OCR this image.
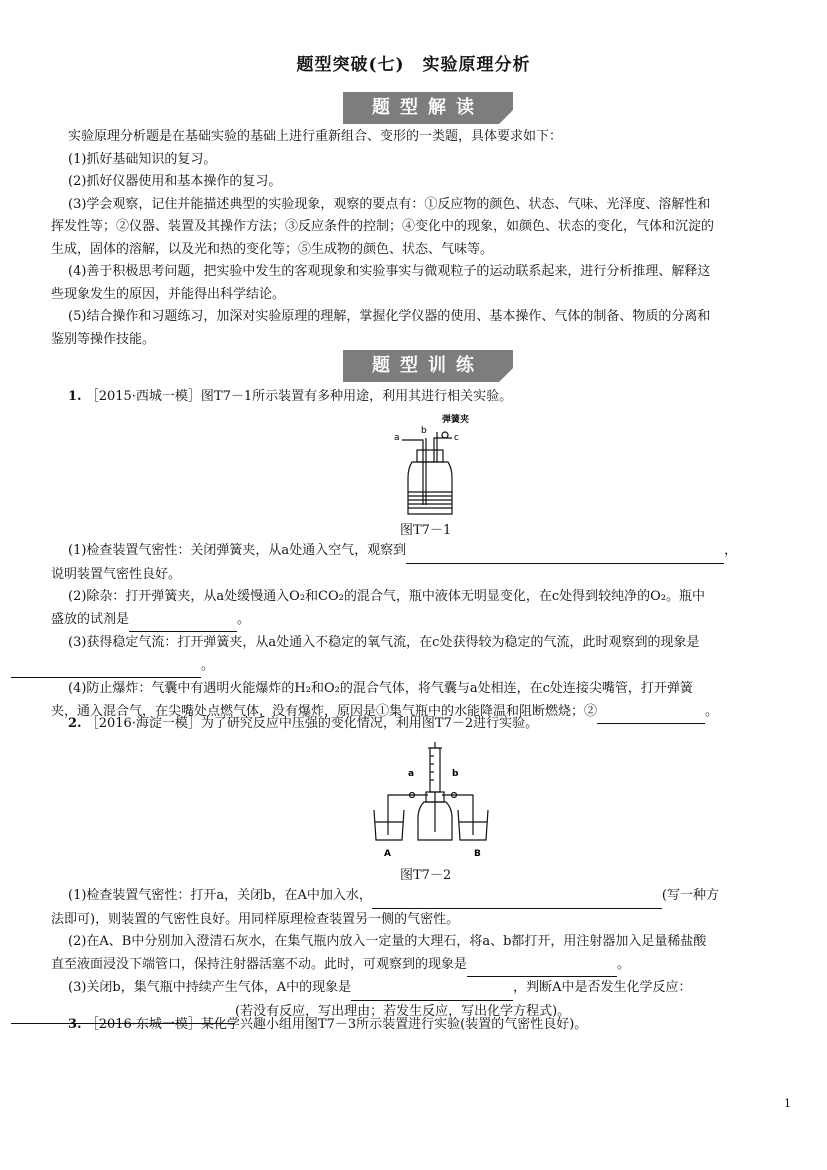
题型突破(七)　实验原理分析
题型解读
实验原理分析题是在基础实验的基础上进行重新组合、变形的一类题，具体要求如下：
(1)抓好基础知识的复习。
(2)抓好仪器使用和基本操作的复习。
(3)学会观察，记住并能描述典型的实验现象，观察的要点有：①反应物的颜色、状态、气味、光泽度、溶解性和
挥发性等；②仪器、装置及其操作方法；③反应条件的控制；④变化中的现象，如颜色、状态的变化，气体和沉淀的
生成，固体的溶解，以及光和热的变化等；⑤生成物的颜色、状态、气味等。
(4)善于积极思考问题，把实验中发生的客观现象和实验事实与微观粒子的运动联系起来，进行分析推理、解释这
些现象发生的原因，并能得出科学结论。
(5)结合操作和习题练习，加深对实验原理的理解，掌握化学仪器的使用、基本操作、气体的制备、物质的分离和
鉴别等操作技能。
题型训练
1. ［2015·西城一模］图T7－1所示装置有多种用途，利用其进行相关实验。
a
b
c
弹簧夹
图T7－1
(1)检查装置气密性：关闭弹簧夹，从a处通入空气，观察到	，
说明装置气密性良好。
(2)除杂：打开弹簧夹，从a处缓慢通入O₂和CO₂的混合气，瓶中液体无明显变化，在c处得到较纯净的O₂。瓶中
盛放的试剂是	。
(3)获得稳定气流：打开弹簧夹，从a处通入不稳定的氧气流，在c处获得较为稳定的气流，此时观察到的现象是
。
(4)防止爆炸：气囊中有遇明火能爆炸的H₂和O₂的混合气体，将气囊与a处相连，在c处连接尖嘴管，打开弹簧
夹，通入混合气，在尖嘴处点燃气体，没有爆炸，原因是①集气瓶中的水能降温和阻断燃烧；②	。
2. ［2016·海淀一模］为了研究反应中压强的变化情况，利用图T7－2进行实验。
a	b
A	B
图T7－2
(1)检查装置气密性：打开a，关闭b，在A中加入水，	(写一种方
法即可)，则装置的气密性良好。用同样原理检查装置另一侧的气密性。
(2)在A、B中分别加入澄清石灰水，在集气瓶内放入一定量的大理石，将a、b都打开，用注射器加入足量稀盐酸
直至液面浸没下端管口，保持注射器活塞不动。此时，可观察到的现象是	。
(3)关闭b，集气瓶中持续产生气体，A中的现象是	，判断A中是否发生化学反应：
(若没有反应，写出理由；若发生反应，写出化学方程式)。
3. ［2016·东城一模］某化学兴趣小组用图T7－3所示装置进行实验(装置的气密性良好)。
1
